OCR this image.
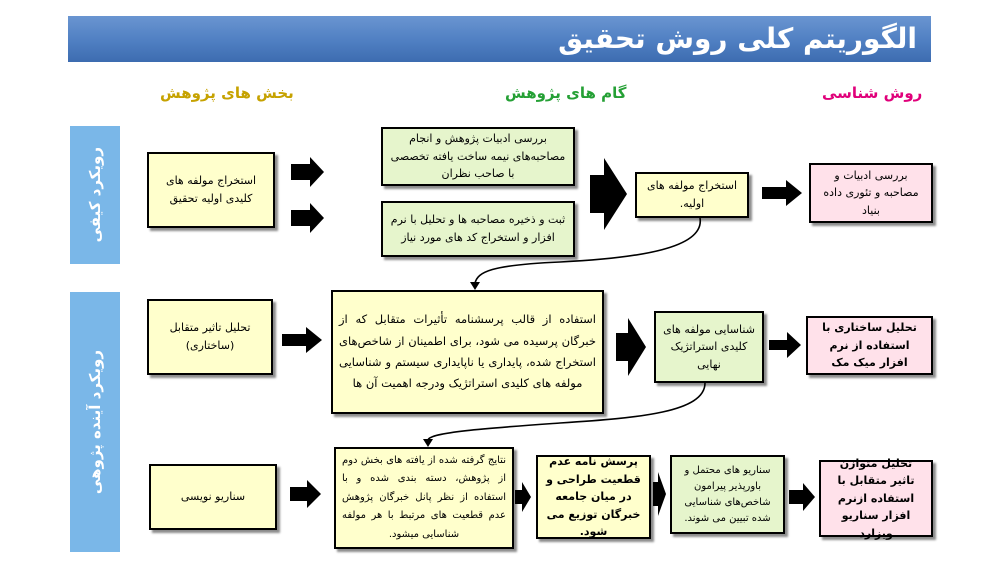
الگوریتم کلی روش تحقیق
بخش های پژوهش	گام های پژوهش	روش شناسی
رویکرد کیفی
رویکرد آینده پژوهی
استخراج مولفه های کلیدی اولیه تحقیق
بررسی ادبیات پژوهش و انجام مصاحبه‌های نیمه ساخت یافته تخصصی با صاحب نظران
ثبت و ذخیره مصاحبه ها و تحلیل با نرم افزار و استخراج کد های مورد نیاز
استخراج مولفه های اولیه.
بررسی ادبیات و مصاحبه و تئوری داده بنیاد
تحلیل تاثیر متقابل (ساختاری)
استفاده از قالب پرسشنامه تأثیرات متقابل که از خبرگان پرسیده می شود، برای اطمینان از شاخص‌های استخراج شده، پایداری یا ناپایداری سیستم و شناسایی مولفه های کلیدی استراتژیک ودرجه اهمیت آن ها
شناسایی مولفه های کلیدی استراتژیک نهایی
تحلیل ساختاری با استفاده از نرم افزار میک مک
سناریو نویسی
نتایج گرفته شده از یافته های بخش دوم از پژوهش، دسته بندی شده و با استفاده از نظر پانل خبرگان پژوهش عدم قطعیت های مرتبط با هر مولفه شناسایی میشود.
پرسش نامه عدم قطعیت طراحی و در میان جامعه خبرگان توزیع می شود.
سناریو های محتمل و باورپذیر پیرامون شاخص‌های شناسایی شده تبیین می شوند.
تحلیل متوازن تاثیر متقابل با استفاده ازنرم افزار سناریو ویزارد
